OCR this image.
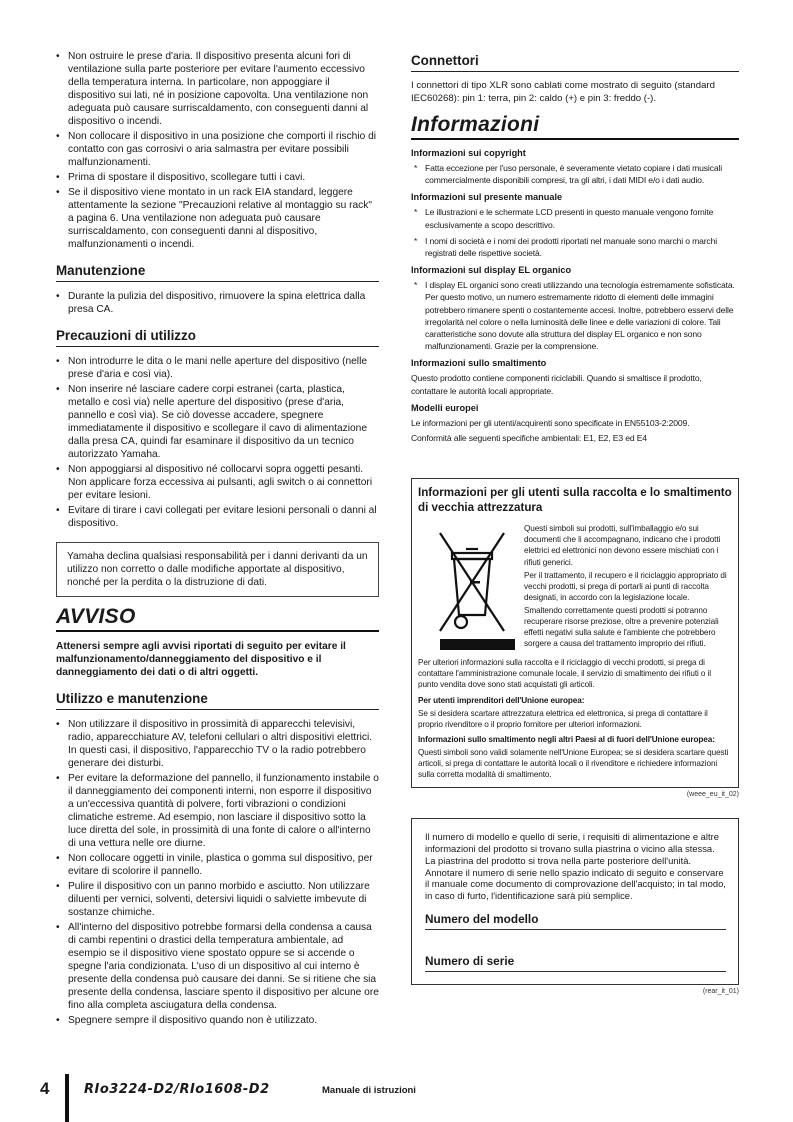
• Non ostruire le prese d'aria. Il dispositivo presenta alcuni fori di ventilazione sulla parte posteriore per evitare l'aumento eccessivo della temperatura interna. In particolare, non appoggiare il dispositivo sui lati, né in posizione capovolta. Una ventilazione non adeguata può causare surriscaldamento, con conseguenti danni al dispositivo o incendi.
• Non collocare il dispositivo in una posizione che comporti il rischio di contatto con gas corrosivi o aria salmastra per evitare possibili malfunzionamenti.
• Prima di spostare il dispositivo, scollegare tutti i cavi.
• Se il dispositivo viene montato in un rack EIA standard, leggere attentamente la sezione "Precauzioni relative al montaggio su rack" a pagina 6. Una ventilazione non adeguata può causare surriscaldamento, con conseguenti danni al dispositivo, malfunzionamenti o incendi.
Manutenzione
• Durante la pulizia del dispositivo, rimuovere la spina elettrica dalla presa CA.
Precauzioni di utilizzo
• Non introdurre le dita o le mani nelle aperture del dispositivo (nelle prese d'aria e così via).
• Non inserire né lasciare cadere corpi estranei (carta, plastica, metallo e così via) nelle aperture del dispositivo (prese d'aria, pannello e così via). Se ciò dovesse accadere, spegnere immediatamente il dispositivo e scollegare il cavo di alimentazione dalla presa CA, quindi far esaminare il dispositivo da un tecnico autorizzato Yamaha.
• Non appoggiarsi al dispositivo né collocarvi sopra oggetti pesanti. Non applicare forza eccessiva ai pulsanti, agli switch o ai connettori per evitare lesioni.
• Evitare di tirare i cavi collegati per evitare lesioni personali o danni al dispositivo.
Yamaha declina qualsiasi responsabilità per i danni derivanti da un utilizzo non corretto o dalle modifiche apportate al dispositivo, nonché per la perdita o la distruzione di dati.
AVVISO
Attenersi sempre agli avvisi riportati di seguito per evitare il malfunzionamento/danneggiamento del dispositivo e il danneggiamento dei dati o di altri oggetti.
Utilizzo e manutenzione
• Non utilizzare il dispositivo in prossimità di apparecchi televisivi, radio, apparecchiature AV, telefoni cellulari o altri dispositivi elettrici. In questi casi, il dispositivo, l'apparecchio TV o la radio potrebbero generare dei disturbi.
• Per evitare la deformazione del pannello, il funzionamento instabile o il danneggiamento dei componenti interni, non esporre il dispositivo a un'eccessiva quantità di polvere, forti vibrazioni o condizioni climatiche estreme. Ad esempio, non lasciare il dispositivo sotto la luce diretta del sole, in prossimità di una fonte di calore o all'interno di una vettura nelle ore diurne.
• Non collocare oggetti in vinile, plastica o gomma sul dispositivo, per evitare di scolorire il pannello.
• Pulire il dispositivo con un panno morbido e asciutto. Non utilizzare diluenti per vernici, solventi, detersivi liquidi o salviette imbevute di sostanze chimiche.
• All'interno del dispositivo potrebbe formarsi della condensa a causa di cambi repentini o drastici della temperatura ambientale, ad esempio se il dispositivo viene spostato oppure se si accende o spegne l'aria condizionata. L'uso di un dispositivo al cui interno è presente della condensa può causare dei danni. Se si ritiene che sia presente della condensa, lasciare spento il dispositivo per alcune ore fino alla completa asciugatura della condensa.
• Spegnere sempre il dispositivo quando non è utilizzato.
Connettori
I connettori di tipo XLR sono cablati come mostrato di seguito (standard IEC60268): pin 1: terra, pin 2: caldo (+) e pin 3: freddo (-).
Informazioni
Informazioni sui copyright
* Fatta eccezione per l'uso personale, è severamente vietato copiare i dati musicali commercialmente disponibili compresi, tra gli altri, i dati MIDI e/o i dati audio.
Informazioni sul presente manuale
* Le illustrazioni e le schermate LCD presenti in questo manuale vengono fornite esclusivamente a scopo descrittivo.
* I nomi di società e i nomi dei prodotti riportati nel manuale sono marchi o marchi registrati delle rispettive società.
Informazioni sul display EL organico
* I display EL organici sono creati utilizzando una tecnologia estremamente sofisticata. Per questo motivo, un numero estremamente ridotto di elementi delle immagini potrebbero rimanere spenti o costantemente accesi. Inoltre, potrebbero esservi delle irregolarità nel colore o nella luminosità delle linee e delle variazioni di colore. Tali caratteristiche sono dovute alla struttura del display EL organico e non sono malfunzionamenti. Grazie per la comprensione.
Informazioni sullo smaltimento
Questo prodotto contiene componenti riciclabili. Quando si smaltisce il prodotto, contattare le autorità locali appropriate.
Modelli europei
Le informazioni per gli utenti/acquirenti sono specificate in EN55103-2:2009.
Conformità alle seguenti specifiche ambientali: E1, E2, E3 ed E4
Informazioni per gli utenti sulla raccolta e lo smaltimento di vecchia attrezzatura

Questi simboli sui prodotti, sull'imballaggio e/o sui documenti che li accompagnano, indicano che i prodotti elettrici ed elettronici non devono essere mischiati con i rifiuti generici.

Per il trattamento, il recupero e il riciclaggio appropriato di vecchi prodotti, si prega di portarli ai punti di raccolta designati, in accordo con la legislazione locale.

Smaltendo correttamente questi prodotti si potranno recuperare risorse preziose, oltre a prevenire potenziali effetti negativi sulla salute e l'ambiente che potrebbero sorgere a causa del trattamento improprio dei rifiuti.

Per ulteriori informazioni sulla raccolta e il riciclaggio di vecchi prodotti, si prega di contattare l'amministrazione comunale locale, il servizio di smaltimento dei rifiuti o il punto vendita dove sono stati acquistati gli articoli.

Per utenti imprenditori dell'Unione europea:

Se si desidera scartare attrezzatura elettrica ed elettronica, si prega di contattare il proprio rivenditore o il proprio fornitore per ulteriori informazioni.

Informazioni sullo smaltimento negli altri Paesi al di fuori dell'Unione europea:

Questi simboli sono validi solamente nell'Unione Europea; se si desidera scartare questi articoli, si prega di contattare le autorità locali o il rivenditore e richiedere informazioni sulla corretta modalità di smaltimento.

(weee_eu_it_02)
Il numero di modello e quello di serie, i requisiti di alimentazione e altre informazioni del prodotto si trovano sulla piastrina o vicino alla stessa. La piastrina del prodotto si trova nella parte posteriore dell'unità. Annotare il numero di serie nello spazio indicato di seguito e conservare il manuale come documento di comprovazione dell'acquisto; in tal modo, in caso di furto, l'identificazione sarà più semplice.
Numero del modello
Numero di serie
(rear_it_01)
4	RIo3224-D2/RIo1608-D2	Manuale di istruzioni
